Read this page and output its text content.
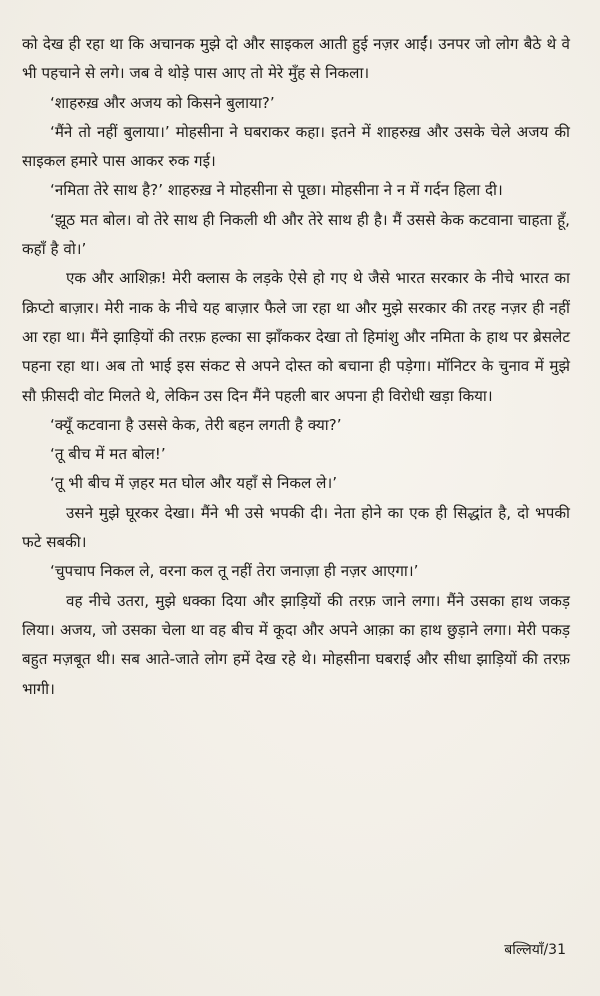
को देख ही रहा था कि अचानक मुझे दो और साइकल आती हुई नज़र आईं। उनपर जो लोग बैठे थे वे भी पहचाने से लगे। जब वे थोड़े पास आए तो मेरे मुँह से निकला।

‘शाहरुख़ और अजय को किसने बुलाया?’

‘मैंने तो नहीं बुलाया।’ मोहसीना ने घबराकर कहा। इतने में शाहरुख़ और उसके चेले अजय की साइकल हमारे पास आकर रुक गई।

‘नमिता तेरे साथ है?’ शाहरुख़ ने मोहसीना से पूछा। मोहसीना ने न में गर्दन हिला दी।

‘झूठ मत बोल। वो तेरे साथ ही निकली थी और तेरे साथ ही है। मैं उससे केक कटवाना चाहता हूँ, कहाँ है वो।’

एक और आशिक़! मेरी क्लास के लड़के ऐसे हो गए थे जैसे भारत सरकार के नीचे भारत का क्रिप्टो बाज़ार। मेरी नाक के नीचे यह बाज़ार फैले जा रहा था और मुझे सरकार की तरह नज़र ही नहीं आ रहा था। मैंने झाड़ियों की तरफ़ हल्का सा झाँककर देखा तो हिमांशु और नमिता के हाथ पर ब्रेसलेट पहना रहा था। अब तो भाई इस संकट से अपने दोस्त को बचाना ही पड़ेगा। मॉनिटर के चुनाव में मुझे सौ फ़ीसदी वोट मिलते थे, लेकिन उस दिन मैंने पहली बार अपना ही विरोधी खड़ा किया।

‘क्यूँ कटवाना है उससे केक, तेरी बहन लगती है क्या?’

‘तू बीच में मत बोल!’

‘तू भी बीच में ज़हर मत घोल और यहाँ से निकल ले।’

उसने मुझे घूरकर देखा। मैंने भी उसे भपकी दी। नेता होने का एक ही सिद्धांत है, दो भपकी फटे सबकी।

‘चुपचाप निकल ले, वरना कल तू नहीं तेरा जनाज़ा ही नज़र आएगा।’

वह नीचे उतरा, मुझे धक्का दिया और झाड़ियों की तरफ़ जाने लगा। मैंने उसका हाथ जकड़ लिया। अजय, जो उसका चेला था वह बीच में कूदा और अपने आक़ा का हाथ छुड़ाने लगा। मेरी पकड़ बहुत मज़बूत थी। सब आते-जाते लोग हमें देख रहे थे। मोहसीना घबराई और सीधा झाड़ियों की तरफ़ भागी।

बल्लियाँ/31
